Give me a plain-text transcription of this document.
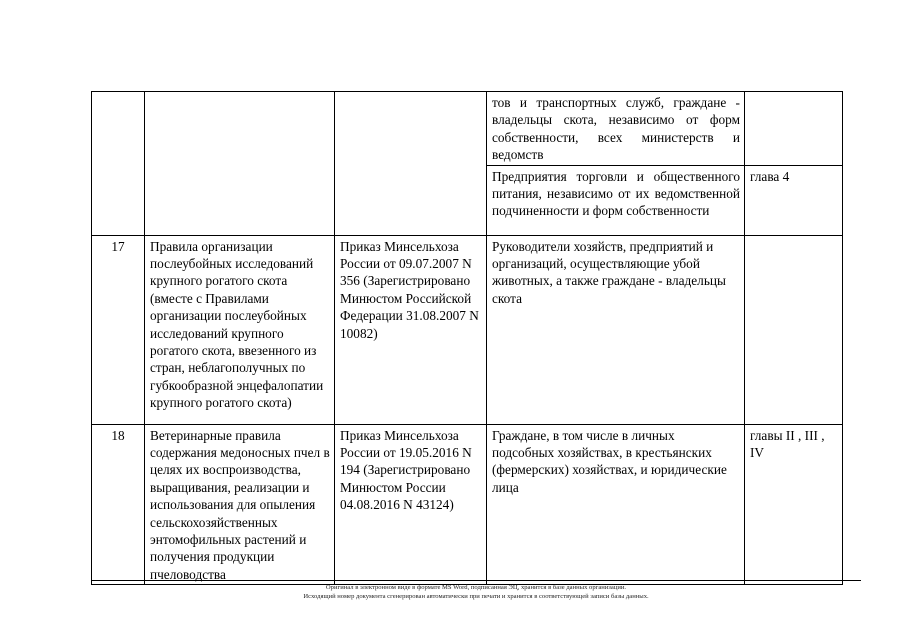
			тов и транспортных служб, граждане - владельцы скота, независимо от форм собственности, всех министерств и ведомств	
			Предприятия торговли и общественного питания, независимо от их ведомственной подчиненности и форм собственности	глава 4
17	Правила организации послеубойных исследований крупного рогатого скота (вместе с Правилами организации послеубойных исследований крупного рогатого скота, ввезенного из стран, неблагополучных по губкообразной энцефалопатии крупного рогатого скота)	Приказ Минсельхоза России от 09.07.2007 N 356 (Зарегистрировано Минюстом Российской Федерации 31.08.2007 N 10082)	Руководители хозяйств, предприятий и организаций, осуществляющие убой животных, а также граждане - владельцы скота	
18	Ветеринарные правила содержания медоносных пчел в целях их воспроизводства, выращивания, реализации и использования для опыления сельскохозяйственных энтомофильных растений и получения продукции пчеловодства	Приказ Минсельхоза России от 19.05.2016 N 194 (Зарегистрировано Минюстом России 04.08.2016 N 43124)	Граждане, в том числе в личных подсобных хозяйствах, в крестьянских (фермерских) хозяйствах, и юридические лица	главы II , III , IV
Оригинал в электронном виде в формате MS Word, подписанная ЭЦ, хранится в базе данных организации.
Исходящий номер документа сгенерирован автоматически при печати и хранится в соответствующей записи базы данных.
